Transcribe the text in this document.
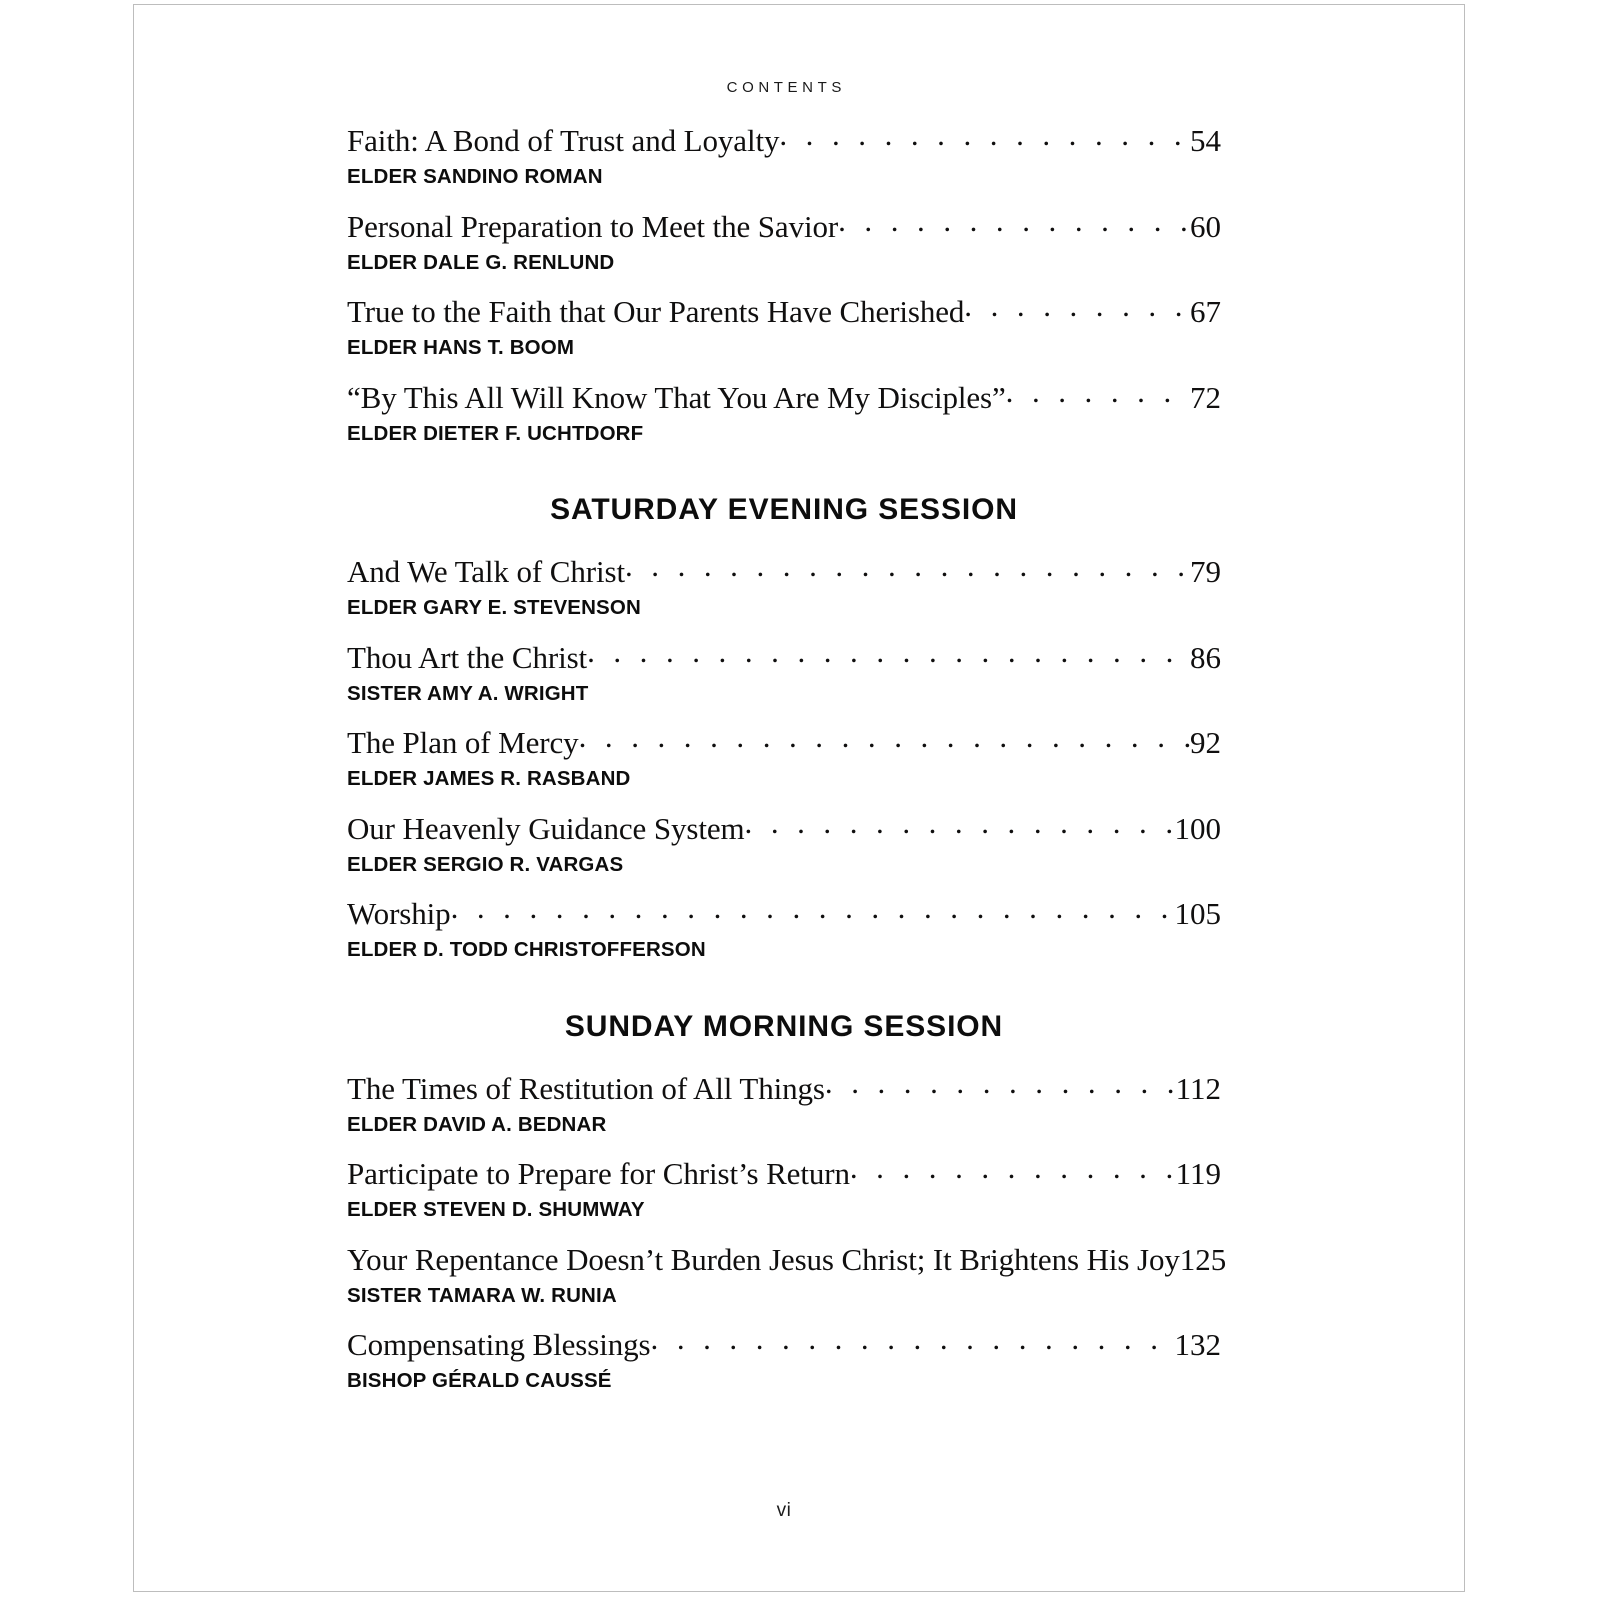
CONTENTS
Faith: A Bond of Trust and Loyalty . . .	54
ELDER SANDINO ROMAN
Personal Preparation to Meet the Savior . . .	60
ELDER DALE G. RENLUND
True to the Faith that Our Parents Have Cherished . . .	67
ELDER HANS T. BOOM
“By This All Will Know That You Are My Disciples” . . .	72
ELDER DIETER F. UCHTDORF
SATURDAY EVENING SESSION
And We Talk of Christ . . .	79
ELDER GARY E. STEVENSON
Thou Art the Christ . . .	86
SISTER AMY A. WRIGHT
The Plan of Mercy . . .	92
ELDER JAMES R. RASBAND
Our Heavenly Guidance System . . .	100
ELDER SERGIO R. VARGAS
Worship . . .	105
ELDER D. TODD CHRISTOFFERSON
SUNDAY MORNING SESSION
The Times of Restitution of All Things . . .	112
ELDER DAVID A. BEDNAR
Participate to Prepare for Christ’s Return . . .	119
ELDER STEVEN D. SHUMWAY
Your Repentance Doesn’t Burden Jesus Christ; It Brightens His Joy 125
SISTER TAMARA W. RUNIA
Compensating Blessings . . .	132
BISHOP GÉRALD CAUSSÉ
vi
